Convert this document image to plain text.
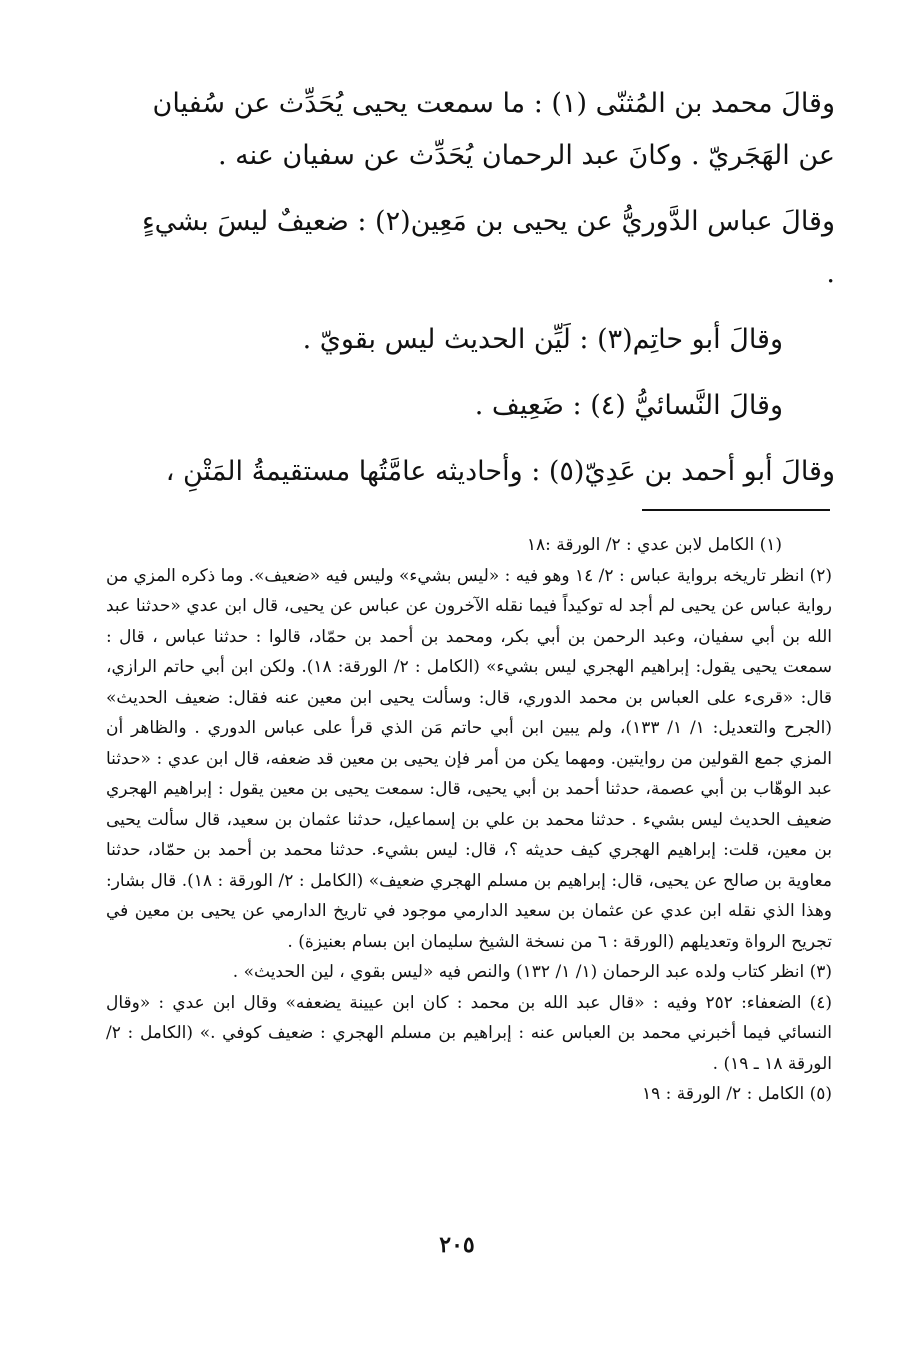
وقالَ محمد بن المُثنّى (١) : ما سمعت يحيى يُحَدِّث عن سُفيان عن الهَجَريّ . وكانَ عبد الرحمان يُحَدِّث عن سفيان عنه .

وقالَ عباس الدَّوريُّ عن يحيى بن مَعِين(٢) : ضعيفٌ ليسَ بشيءٍ .

وقالَ أبو حاتِم(٣) : لَيِّن الحديث ليس بقويّ .

وقالَ النَّسائيُّ (٤) : ضَعِيف .

وقالَ أبو أحمد بن عَدِيّ(٥) : وأحاديثه عامَّتُها مستقيمةُ المَتْنِ ،

(١) الكامل لابن عدي : ٢/ الورقة :١٨

(٢) انظر تاريخه برواية عباس : ٢/ ١٤ وهو فيه : «ليس بشيء» وليس فيه «ضعيف». وما ذكره المزي من رواية عباس عن يحيى لم أجد له توكيداً فيما نقله الآخرون عن عباس عن يحيى، قال ابن عدي «حدثنا عبد الله بن أبي سفيان، وعبد الرحمن بن أبي بكر، ومحمد بن أحمد بن حمّاد، قالوا : حدثنا عباس ، قال : سمعت يحيى يقول: إبراهيم الهجري ليس بشيء» (الكامل : ٢/ الورقة: ١٨). ولكن ابن أبي حاتم الرازي، قال: «قرىء على العباس بن محمد الدوري، قال: وسألت يحيى ابن معين عنه فقال: ضعيف الحديث» (الجرح والتعديل: ١/ ١/ ١٣٣)، ولم يبين ابن أبي حاتم مَن الذي قرأ على عباس الدوري . والظاهر أن المزي جمع القولين من روايتين. ومهما يكن من أمر فإن يحيى بن معين قد ضعفه، قال ابن عدي : «حدثنا عبد الوهّاب بن أبي عصمة، حدثنا أحمد بن أبي يحيى، قال: سمعت يحيى بن معين يقول : إبراهيم الهجري ضعيف الحديث ليس بشيء . حدثنا محمد بن علي بن إسماعيل، حدثنا عثمان بن سعيد، قال سألت يحيى بن معين، قلت: إبراهيم الهجري كيف حديثه ؟، قال: ليس بشيء. حدثنا محمد بن أحمد بن حمّاد، حدثنا معاوية بن صالح عن يحيى، قال: إبراهيم بن مسلم الهجري ضعيف» (الكامل : ٢/ الورقة : ١٨). قال بشار: وهذا الذي نقله ابن عدي عن عثمان بن سعيد الدارمي موجود في تاريخ الدارمي عن يحيى بن معين في تجريح الرواة وتعديلهم (الورقة : ٦ من نسخة الشيخ سليمان ابن بسام بعنيزة) .

(٣) انظر كتاب ولده عبد الرحمان (١/ ١/ ١٣٢) والنص فيه «ليس بقوي ، لين الحديث» .

(٤) الضعفاء: ٢٥٢ وفيه : «قال عبد الله بن محمد : كان ابن عيينة يضعفه» وقال ابن عدي : «وقال النسائي فيما أخبرني محمد بن العباس عنه : إبراهيم بن مسلم الهجري : ضعيف كوفي .» (الكامل : ٢/ الورقة ١٨ ـ ١٩) .

(٥) الكامل : ٢/ الورقة : ١٩

٢٠٥
